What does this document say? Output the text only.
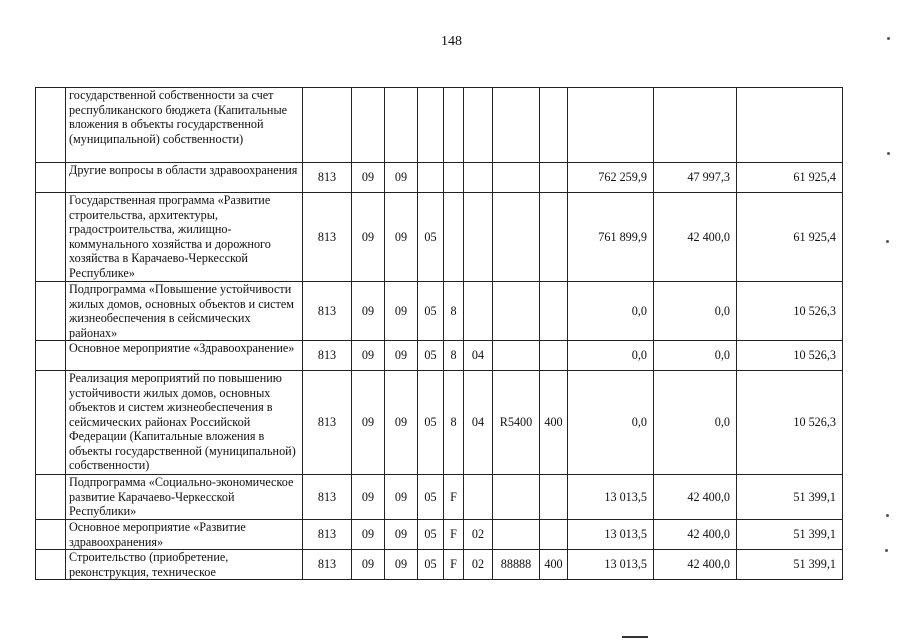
148
	государственной собственности за счет республиканского бюджета (Капитальные вложения в объекты государственной (муниципальной) собственности)											
	Другие вопросы в области здравоохранения	813	09	09						762 259,9	47 997,3	61 925,4
	Государственная программа «Развитие строительства, архитектуры, градостроительства, жилищно-коммунального хозяйства и дорожного хозяйства в Карачаево-Черкесской Республике»	813	09	09	05					761 899,9	42 400,0	61 925,4
	Подпрограмма «Повышение устойчивости жилых домов, основных объектов и систем жизнеобеспечения в сейсмических районах»	813	09	09	05	8				0,0	0,0	10 526,3
	Основное мероприятие «Здравоохранение»	813	09	09	05	8	04			0,0	0,0	10 526,3
	Реализация мероприятий по повышению устойчивости жилых домов, основных объектов и систем жизнеобеспечения в сейсмических районах Российской Федерации (Капитальные вложения в объекты государственной (муниципальной) собственности)	813	09	09	05	8	04	R5400	400	0,0	0,0	10 526,3
	Подпрограмма «Социально-экономическое развитие Карачаево-Черкесской Республики»	813	09	09	05	F				13 013,5	42 400,0	51 399,1
	Основное мероприятие «Развитие здравоохранения»	813	09	09	05	F	02			13 013,5	42 400,0	51 399,1
	Строительство (приобретение, реконструкция, техническое	813	09	09	05	F	02	88888	400	13 013,5	42 400,0	51 399,1
